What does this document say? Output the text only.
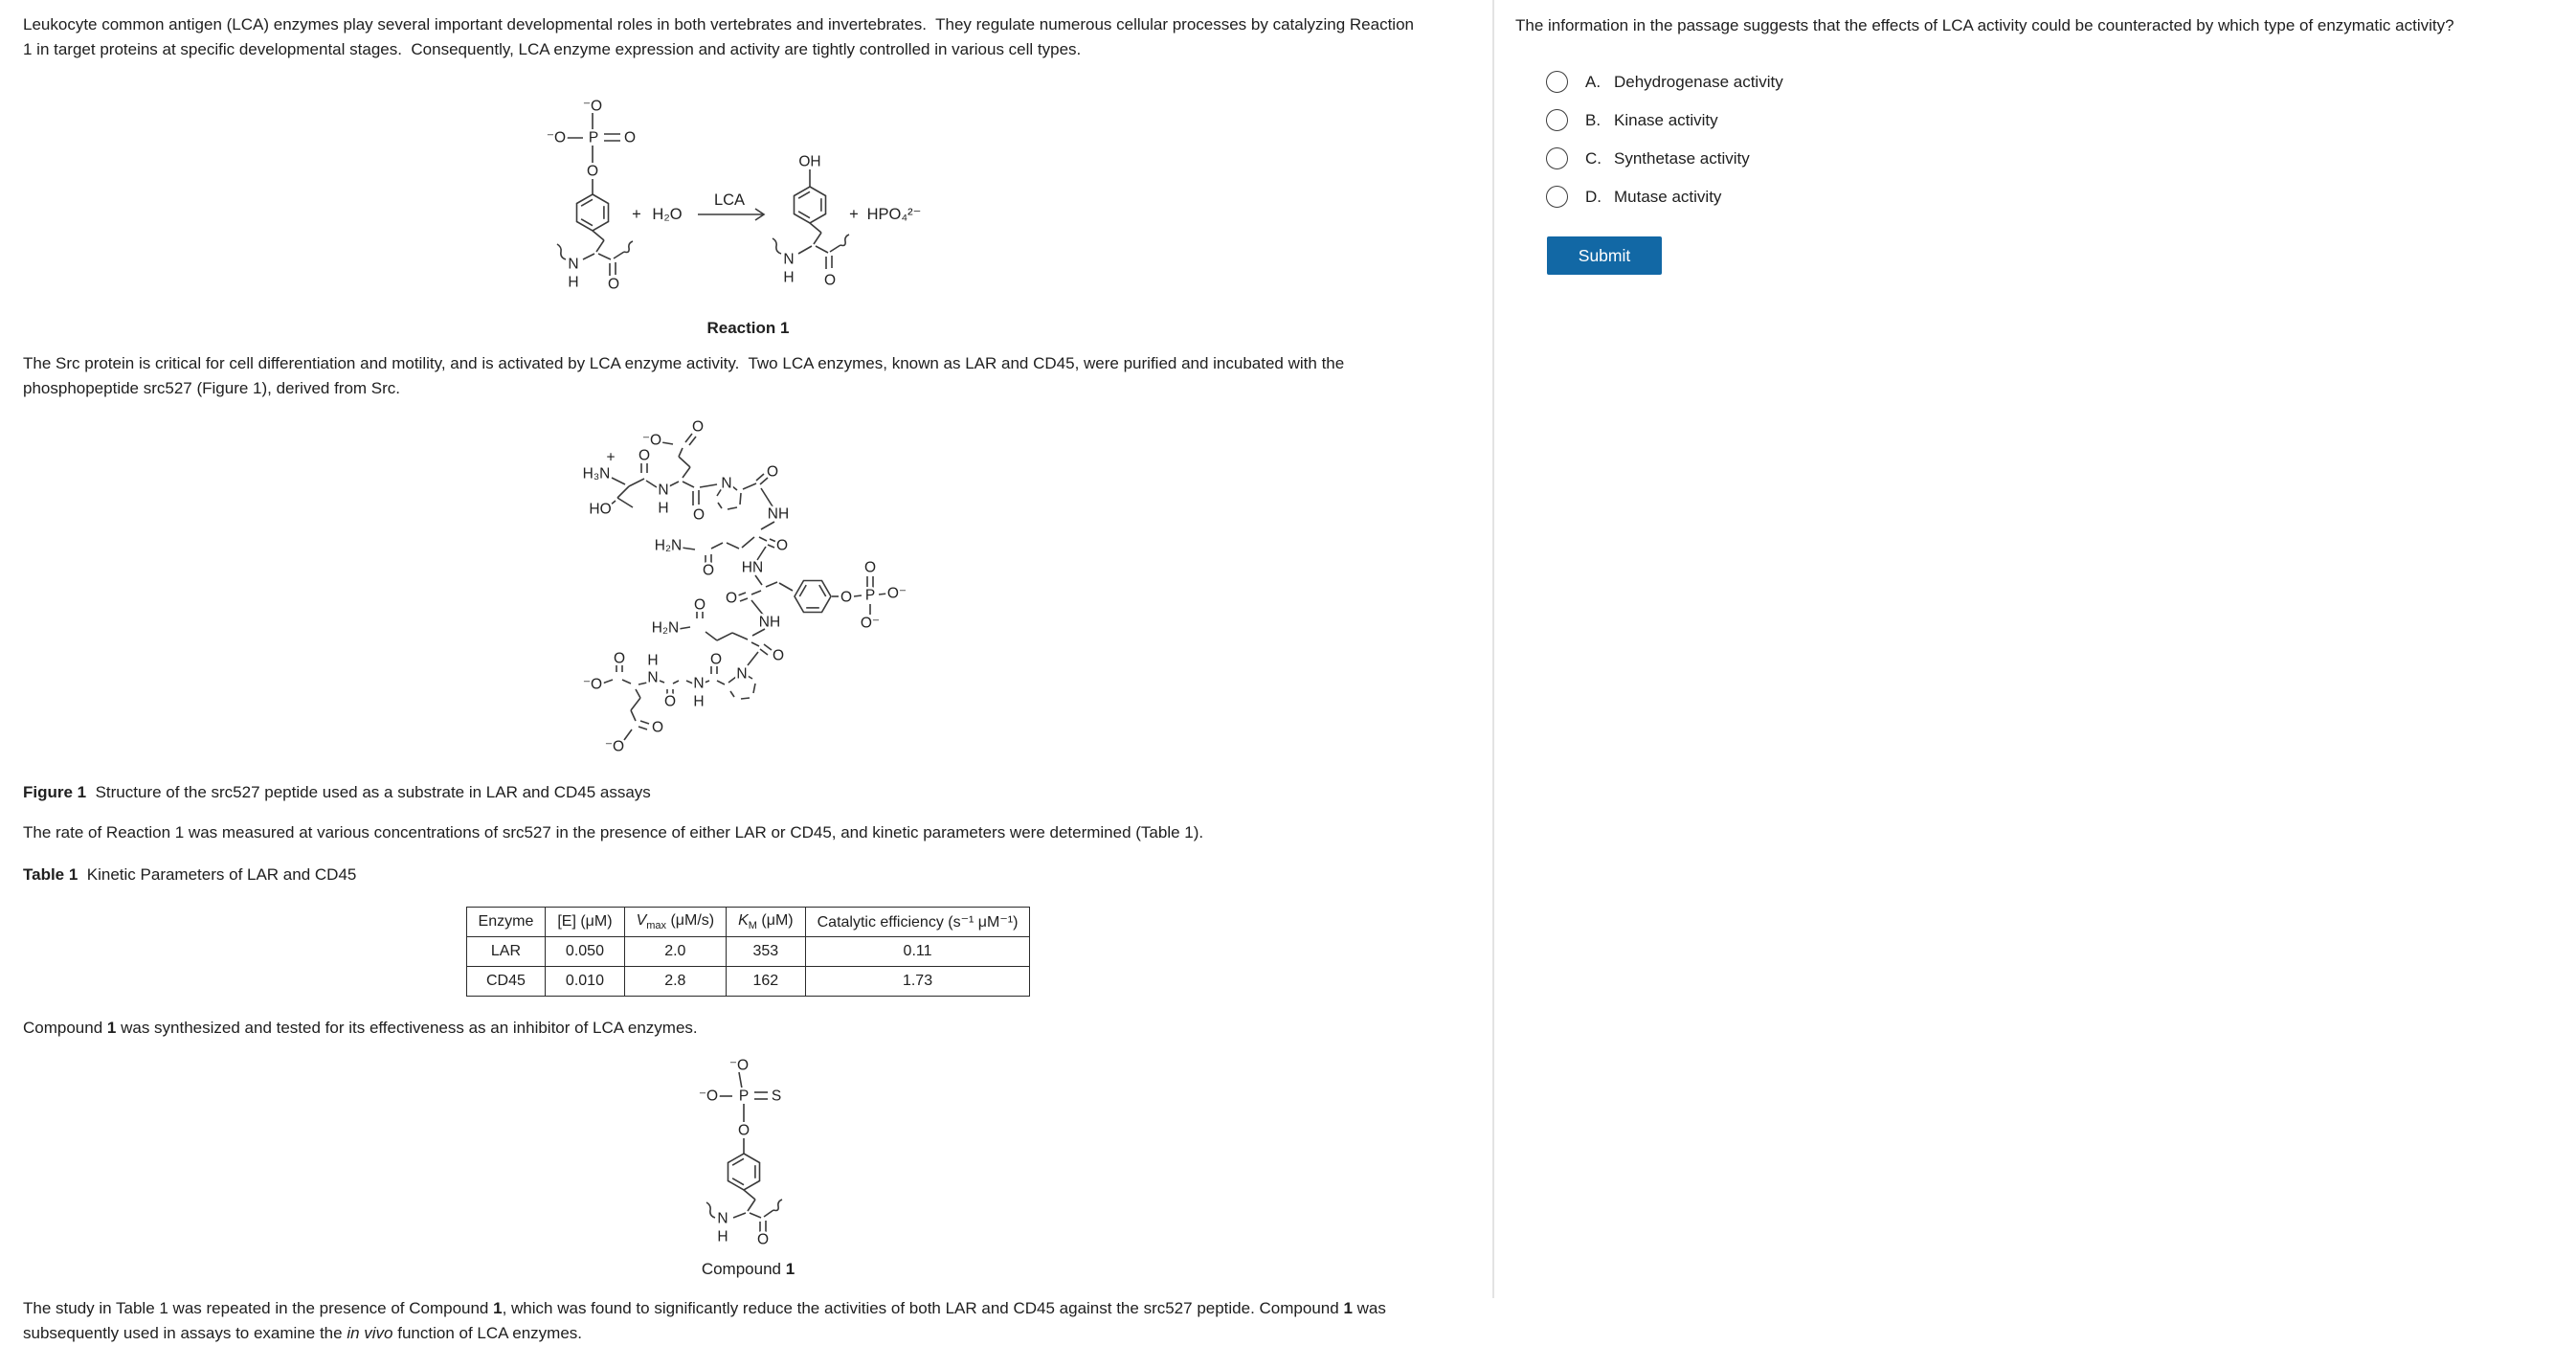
Leukocyte common antigen (LCA) enzymes play several important developmental roles in both vertebrates and invertebrates.  They regulate numerous cellular processes by catalyzing Reaction 1 in target proteins at specific developmental stages.  Consequently, LCA enzyme expression and activity are tightly controlled in various cell types.

⁻O
⁻O P O
O
N
H O
+ H₂O
LCA
OH
N
H O
+ HPO₄²⁻
Reaction 1

The Src protein is critical for cell differentiation and motility, and is activated by LCA enzyme activity.  Two LCA enzymes, known as LAR and CD45, were purified and incubated with the phosphopeptide src527 (Figure 1), derived from Src.

⁻O
O
+
H₃N
O
HO
N
H O
N
O
NH
H₂N
O
O
HN
O
O
O P O⁻
O⁻
NH
H₂N
O
O
N
O
N
H
O
N
H
O
⁻O
O
⁻O

Figure 1  Structure of the src527 peptide used as a substrate in LAR and CD45 assays

The rate of Reaction 1 was measured at various concentrations of src527 in the presence of either LAR or CD45, and kinetic parameters were determined (Table 1).

Table 1  Kinetic Parameters of LAR and CD45

Enzyme	[E] (μM)	$V_{max}$ (μM/s)	$K_M$ (μM)	Catalytic efficiency (s⁻¹ μM⁻¹)
LAR	0.050	2.0	353	0.11
CD45	0.010	2.8	162	1.73

Compound 1 was synthesized and tested for its effectiveness as an inhibitor of LCA enzymes.

⁻O
⁻O P S
O
N
H O
Compound 1

The study in Table 1 was repeated in the presence of Compound 1, which was found to significantly reduce the activities of both LAR and CD45 against the src527 peptide. Compound 1 was subsequently used in assays to examine the in vivo function of LCA enzymes.

The information in the passage suggests that the effects of LCA activity could be counteracted by which type of enzymatic activity?

A. Dehydrogenase activity
B. Kinase activity
C. Synthetase activity
D. Mutase activity
Submit
